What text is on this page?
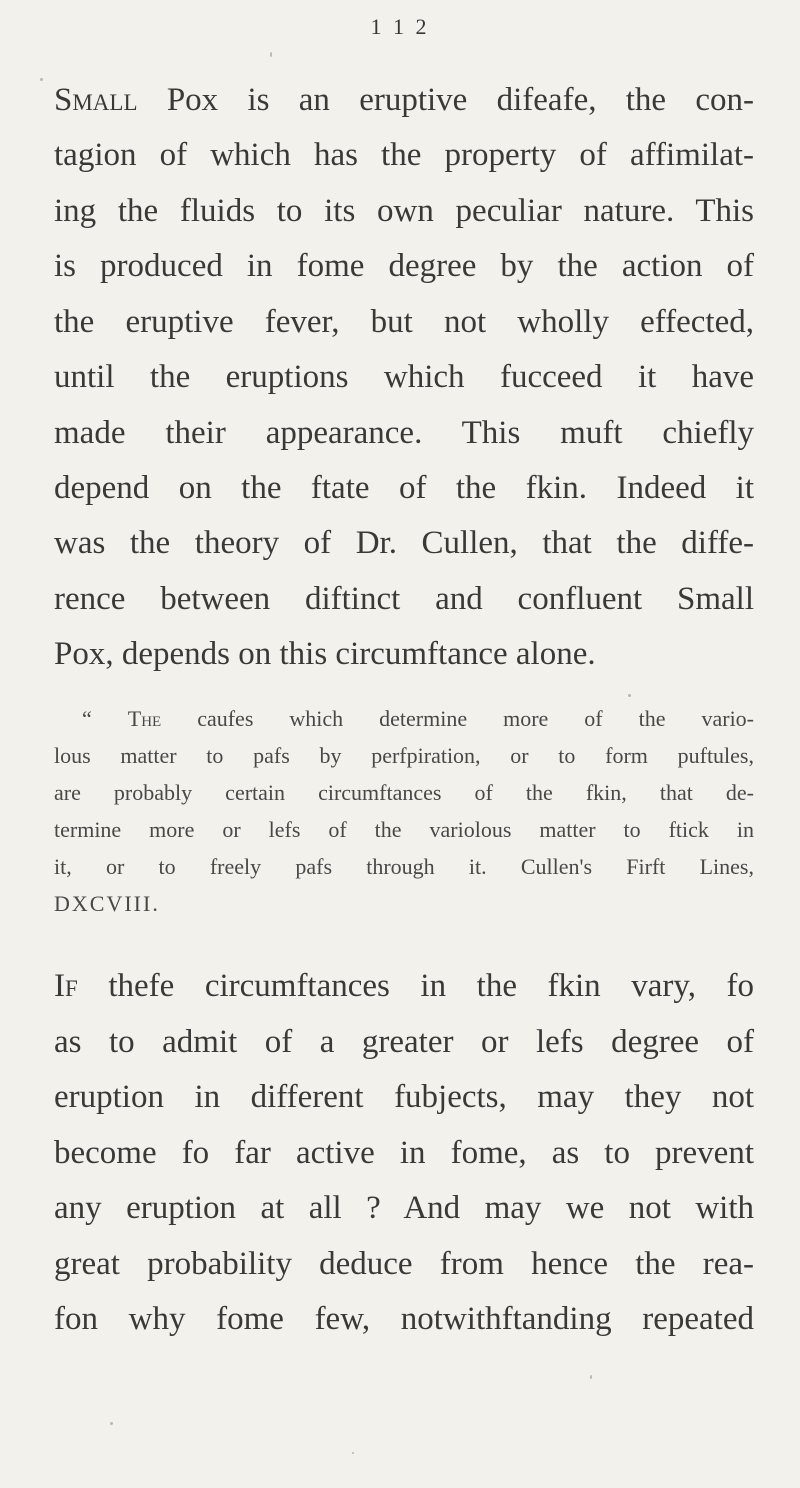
1 1 2
Small Pox is an eruptive difeafe, the con-
tagion of which has the property of affimilat-
ing the fluids to its own peculiar nature. This
is produced in fome degree by the action of
the eruptive fever, but not wholly effected,
until the eruptions which fucceed it have
made their appearance. This muft chiefly
depend on the ftate of the fkin. Indeed it
was the theory of Dr. Cullen, that the diffe-
rence between diftinct and confluent Small
Pox, depends on this circumftance alone.
“ The caufes which determine more of the vario-
lous matter to pafs by perfpiration, or to form puftules,
are probably certain circumftances of the fkin, that de-
termine more or lefs of the variolous matter to ftick in
it, or to freely pafs through it. Cullen's Firft Lines,
DXCVIII.
If thefe circumftances in the fkin vary, fo
as to admit of a greater or lefs degree of
eruption in different fubjects, may they not
become fo far active in fome, as to prevent
any eruption at all ? And may we not with
great probability deduce from hence the rea-
fon why fome few, notwithftanding repeated
